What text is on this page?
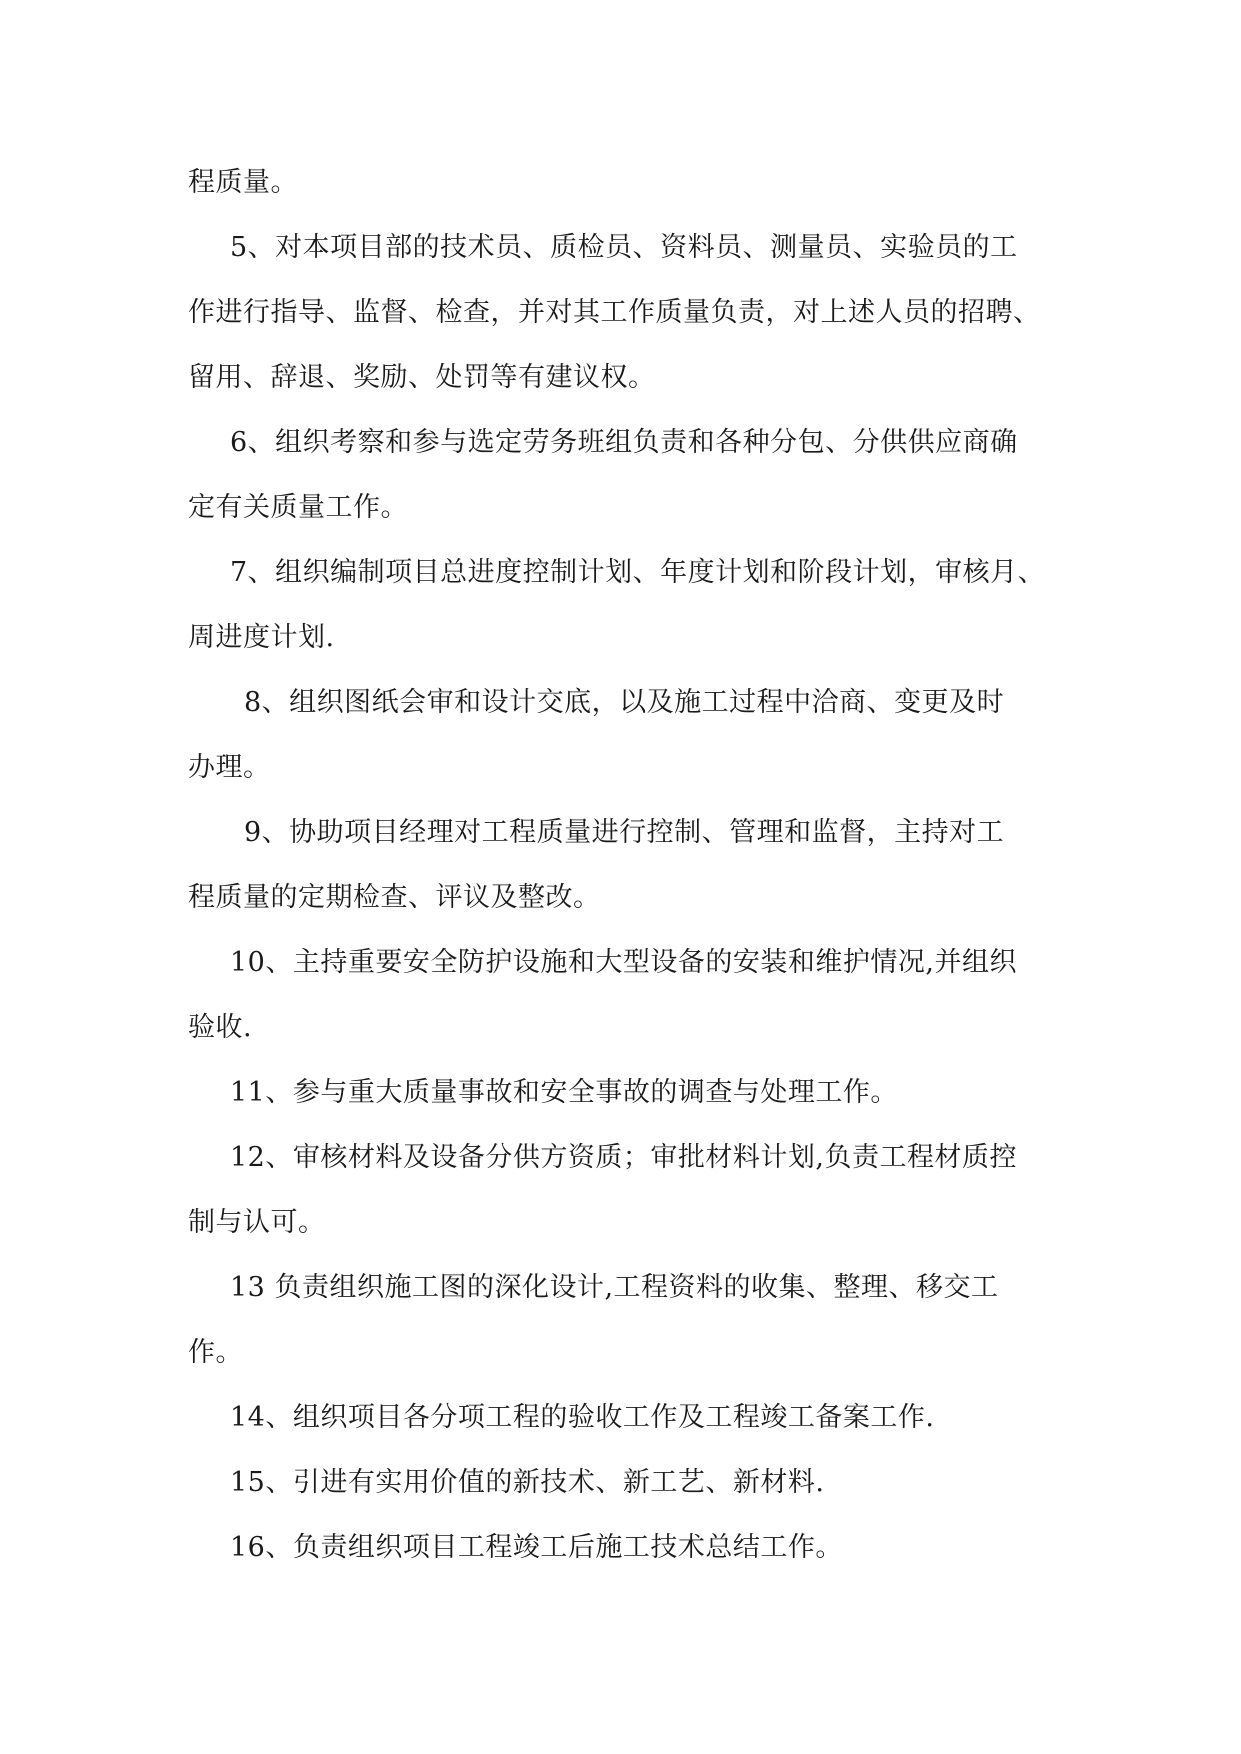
程质量。
5、对本项目部的技术员、质检员、资料员、测量员、实验员的工
作进行指导、监督、检查，并对其工作质量负责，对上述人员的招聘、
留用、辞退、奖励、处罚等有建议权。
6、组织考察和参与选定劳务班组负责和各种分包、分供供应商确
定有关质量工作。
7、组织编制项目总进度控制计划、年度计划和阶段计划，审核月、
周进度计划.
8、组织图纸会审和设计交底，以及施工过程中洽商、变更及时
办理。
9、协助项目经理对工程质量进行控制、管理和监督，主持对工
程质量的定期检查、评议及整改。
10、主持重要安全防护设施和大型设备的安装和维护情况,并组织
验收.
11、参与重大质量事故和安全事故的调查与处理工作。
12、审核材料及设备分供方资质；审批材料计划,负责工程材质控
制与认可。
13 负责组织施工图的深化设计,工程资料的收集、整理、移交工
作。
14、组织项目各分项工程的验收工作及工程竣工备案工作.
15、引进有实用价值的新技术、新工艺、新材料.
16、负责组织项目工程竣工后施工技术总结工作。
